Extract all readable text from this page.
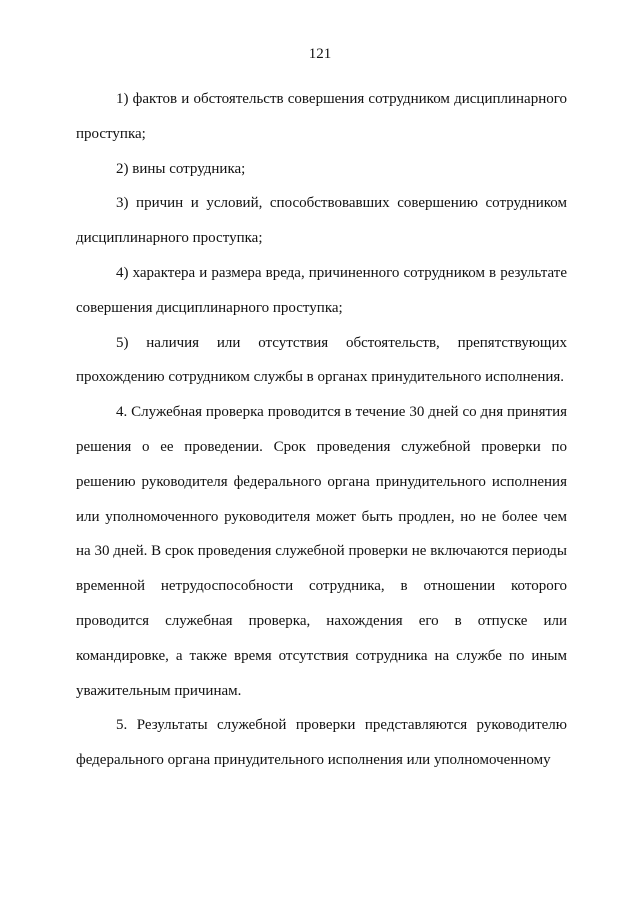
121

1) фактов и обстоятельств совершения сотрудником дисциплинарного проступка;

2) вины сотрудника;

3) причин и условий, способствовавших совершению сотрудником дисциплинарного проступка;

4) характера и размера вреда, причиненного сотрудником в результате совершения дисциплинарного проступка;

5) наличия или отсутствия обстоятельств, препятствующих прохождению сотрудником службы в органах принудительного исполнения.

4. Служебная проверка проводится в течение 30 дней со дня принятия решения о ее проведении. Срок проведения служебной проверки по решению руководителя федерального органа принудительного исполнения или уполномоченного руководителя может быть продлен, но не более чем на 30 дней. В срок проведения служебной проверки не включаются периоды временной нетрудоспособности сотрудника, в отношении которого проводится служебная проверка, нахождения его в отпуске или командировке, а также время отсутствия сотрудника на службе по иным уважительным причинам.

5. Результаты служебной проверки представляются руководителю федерального органа принудительного исполнения или уполномоченному
